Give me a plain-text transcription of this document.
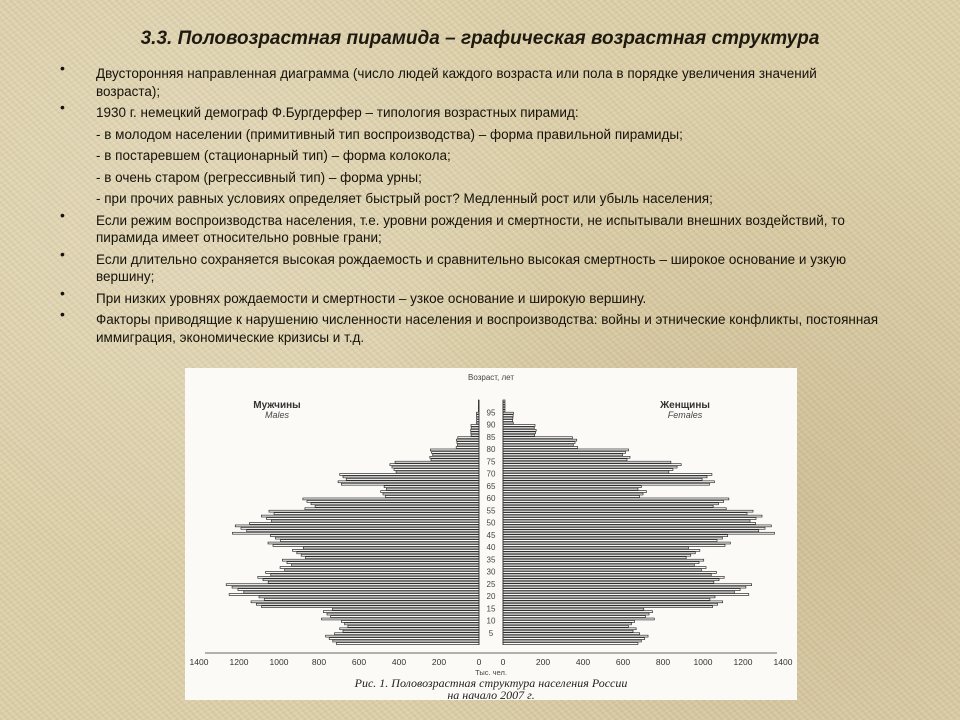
3.3. Половозрастная пирамида – графическая возрастная структура
• Двусторонняя направленная диаграмма (число людей каждого возраста или пола в порядке увеличения значений возраста);
• 1930 г. немецкий демограф Ф.Бургдерфер – типология возрастных пирамид:
- в молодом населении (примитивный тип воспроизводства) – форма правильной пирамиды;
- в постаревшем (стационарный тип) – форма колокола;
- в очень старом (регрессивный тип) – форма урны;
- при прочих равных условиях определяет быстрый рост? Медленный рост или убыль населения;
• Если режим воспроизводства населения, т.е. уровни рождения и смертности, не испытывали внешних воздействий, то пирамида имеет относительно ровные грани;
• Если длительно сохраняется высокая рождаемость и сравнительно высокая смертность – широкое основание и узкую вершину;
• При низких уровнях рождаемости и смертности – узкое основание и широкую вершину.
• Факторы приводящие к нарушению численности населения и воспроизводства: войны и этнические конфликты, постоянная иммиграция, экономические кризисы и т.д.
5
10
15
20
25
30
35
40
45
50
55
60
65
70
75
80
85
90
95
1400 1200 1000	800	600	400	200	0 0	200	400	600	800	1000 1200 1400
Возраст, лет
Мужчины
Males
Женщины
Females
Тыс. чел.
Рис. 1. Половозрастная структура населения России
на начало 2007 г.
